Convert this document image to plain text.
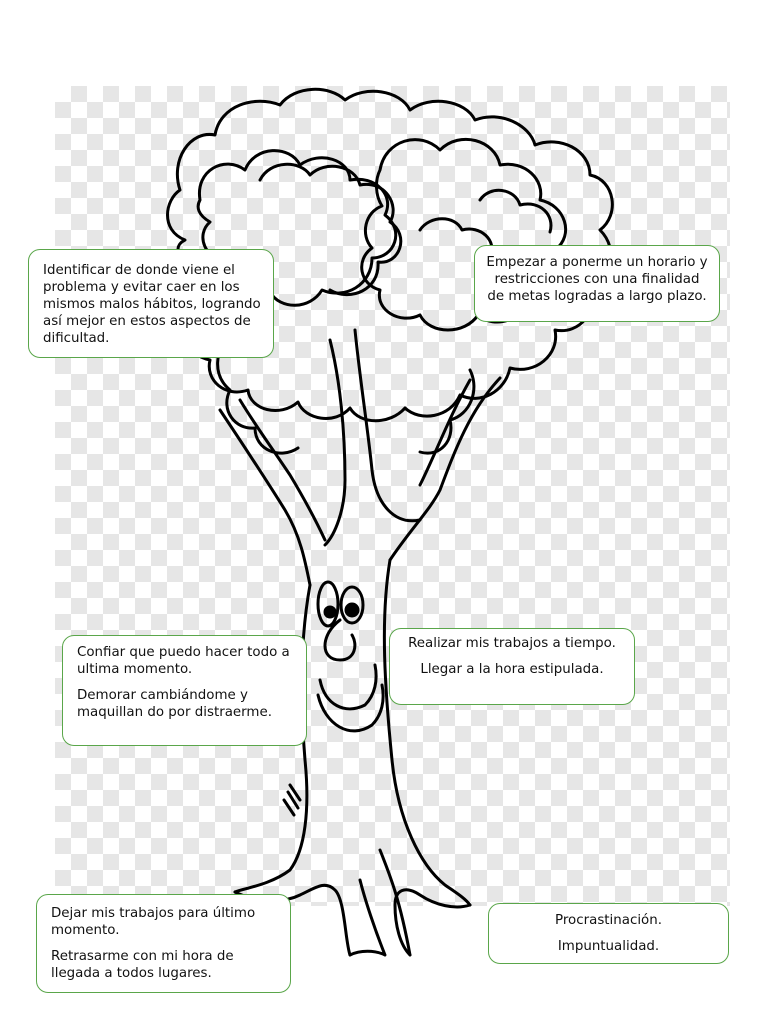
Identificar de donde viene el problema y evitar caer en los mismos malos hábitos, logrando así mejor en estos aspectos de dificultad.

Empezar a ponerme un horario y restricciones con una finalidad de metas logradas a largo plazo.

Confiar que puedo hacer todo a ultima momento.

Demorar cambiándome y maquillan do por distraerme.

Realizar mis trabajos a tiempo.

Llegar a la hora estipulada.

Dejar mis trabajos para último momento.

Retrasarme con mi hora de llegada a todos lugares.

Procrastinación.

Impuntualidad.
